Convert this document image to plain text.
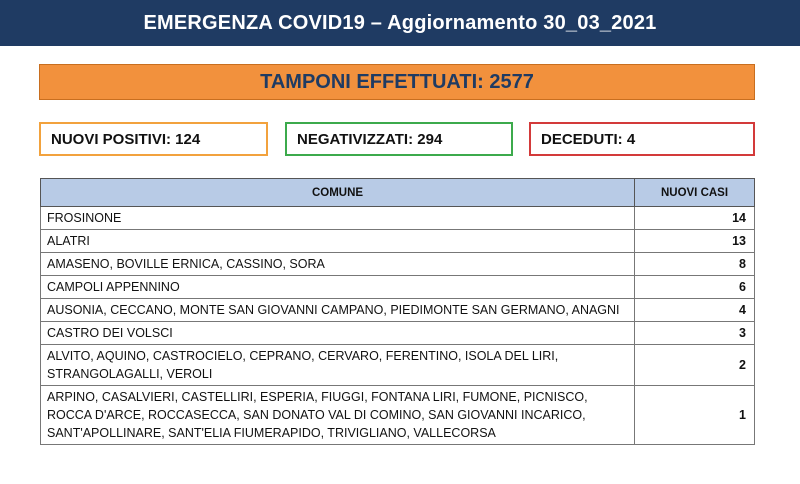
EMERGENZA COVID19 – Aggiornamento 30_03_2021
TAMPONI EFFETTUATI: 2577
NUOVI POSITIVI: 124	NEGATIVIZZATI: 294	DECEDUTI: 4
COMUNE	NUOVI CASI
FROSINONE	14
ALATRI	13
AMASENO, BOVILLE ERNICA, CASSINO, SORA	8
CAMPOLI APPENNINO	6
AUSONIA, CECCANO, MONTE SAN GIOVANNI CAMPANO, PIEDIMONTE SAN GERMANO, ANAGNI	4
CASTRO DEI VOLSCI	3
ALVITO, AQUINO, CASTROCIELO, CEPRANO, CERVARO, FERENTINO, ISOLA DEL LIRI, STRANGOLAGALLI, VEROLI	2
ARPINO, CASALVIERI, CASTELLIRI, ESPERIA, FIUGGI, FONTANA LIRI, FUMONE, PICNISCO, ROCCA D'ARCE, ROCCASECCA, SAN DONATO VAL DI COMINO, SAN GIOVANNI INCARICO, SANT'APOLLINARE, SANT'ELIA FIUMERAPIDO, TRIVIGLIANO, VALLECORSA	1
